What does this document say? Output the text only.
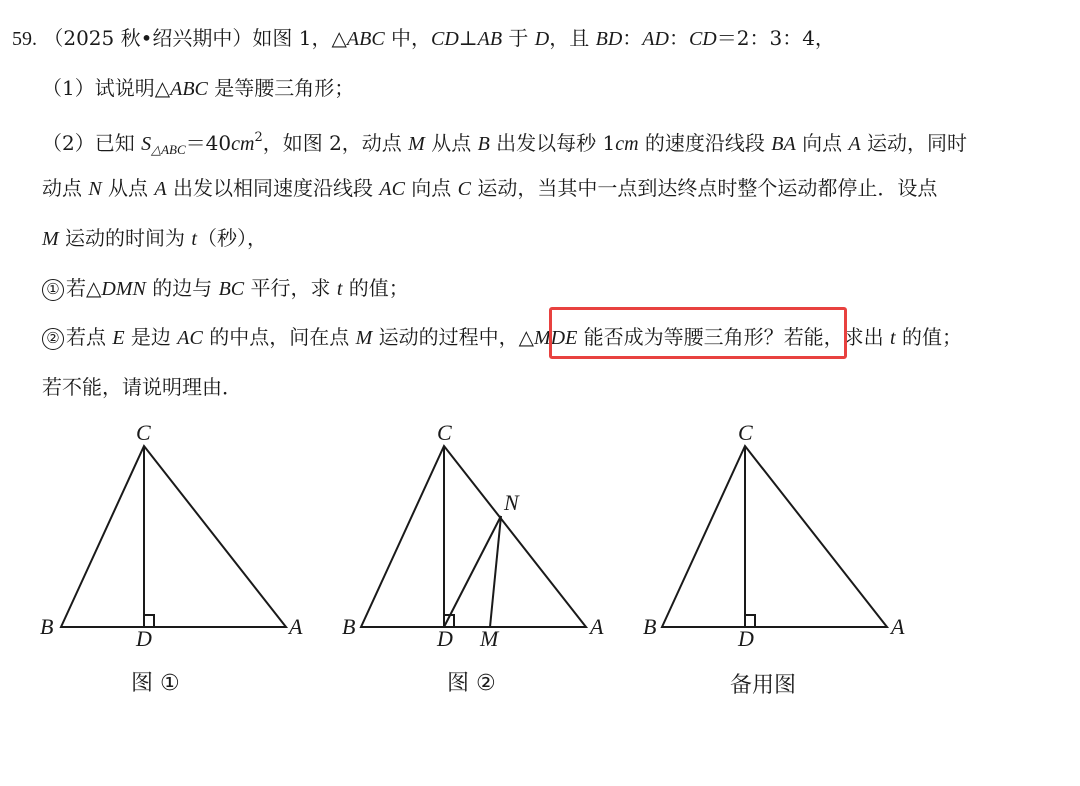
59. （2025 秋•绍兴期中）如图 1，△ABC 中，CD⊥AB 于 D，且 BD：AD：CD＝2：3：4，
（1）试说明△ABC 是等腰三角形；
（2）已知 $S_{\triangle ABC}=40cm^2$，如图 2，动点 M 从点 B 出发以每秒 1cm 的速度沿线段 BA 向点 A 运动，同时
动点 N 从点 A 出发以相同速度沿线段 AC 向点 C 运动，当其中一点到达终点时整个运动都停止．设点
M 运动的时间为 t（秒），
① 若△DMN 的边与 BC 平行，求 t 的值；
② 若点 E 是边 AC 的中点，问在点 M 运动的过程中，△MDE 能否成为等腰三角形？若能，求出 t 的值；
若不能，请说明理由．
C
B	D	A
C
N
B	D M	A
C
B	D	A
图 ①	图 ②	备用图
